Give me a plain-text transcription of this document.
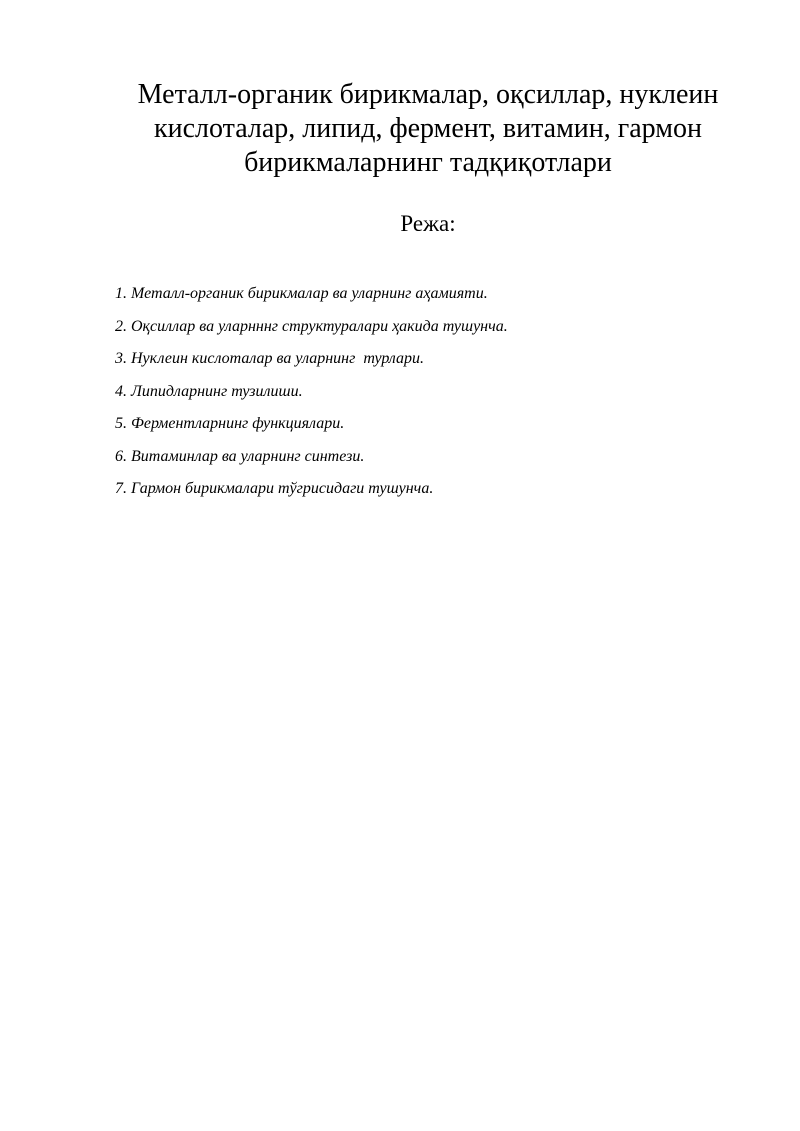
Металл-органик бирикмалар, оқсиллар, нуклеин
кислоталар, липид, фермент, витамин, гармон
бирикмаларнинг тадқиқотлари
Режа:
1. Металл-органик бирикмалар ва уларнинг аҳамияти.
2. Оқсиллар ва уларнннг структуралари ҳакида тушунча.
3. Нуклеин кислоталар ва уларнинг  турлари.
4. Липидларнинг тузилиши.
5. Ферментларнинг функциялари.
6. Витаминлар ва уларнинг синтези.
7. Гармон бирикмалари тўгрисидаги тушунча.
